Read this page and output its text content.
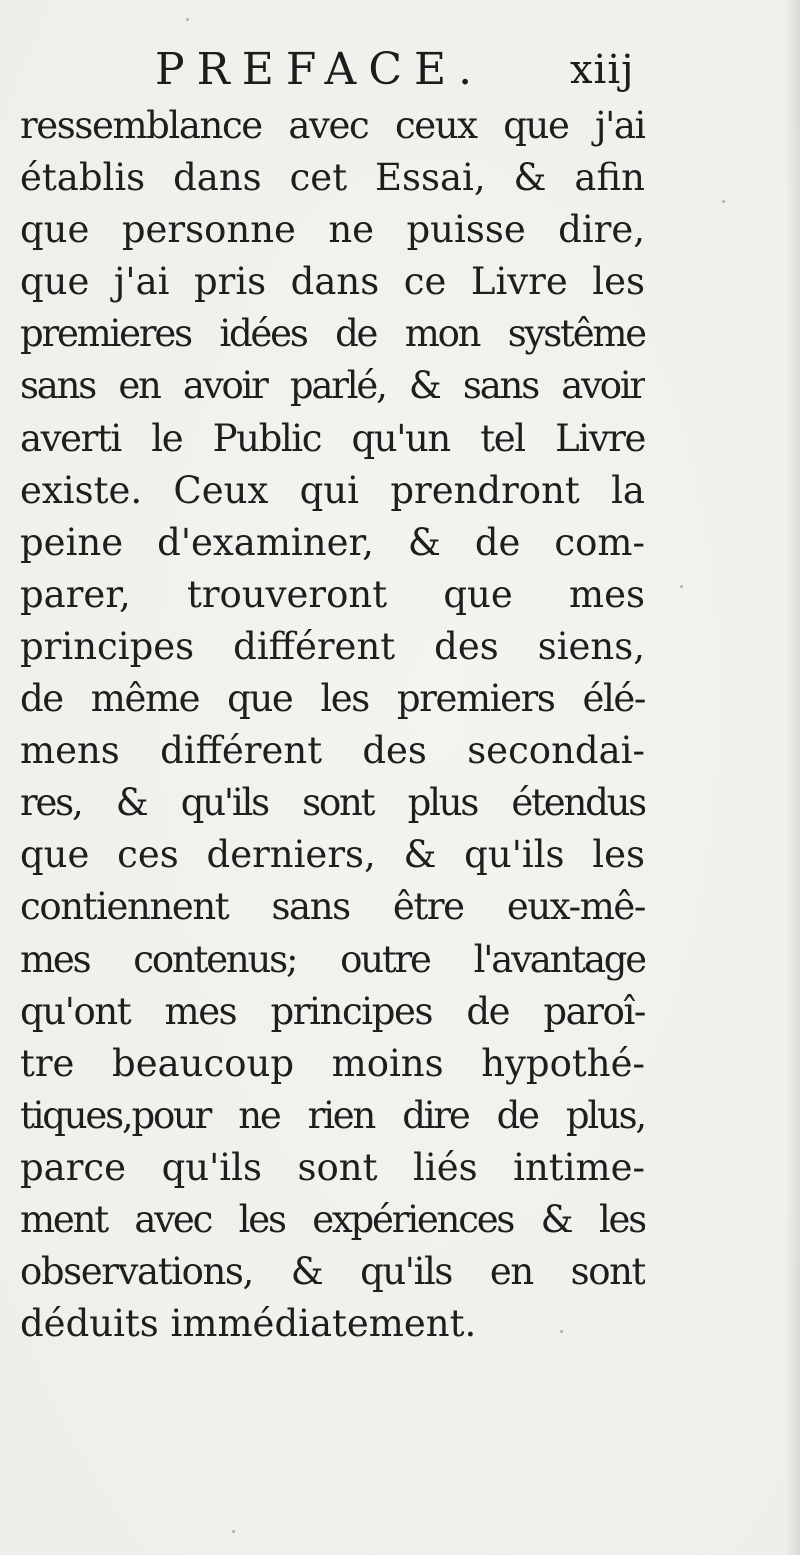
PREFACE. xiij
ressemblance avec ceux que j'ai
établis dans cet Essai, & afin
que personne ne puisse dire,
que j'ai pris dans ce Livre les
premieres idées de mon systême
sans en avoir parlé, & sans avoir
averti le Public qu'un tel Livre
existe. Ceux qui prendront la
peine d'examiner, & de com-
parer, trouveront que mes
principes différent des siens,
de même que les premiers élé-
mens différent des secondai-
res, & qu'ils sont plus étendus
que ces derniers, & qu'ils les
contiennent sans être eux-mê-
mes contenus; outre l'avantage
qu'ont mes principes de paroî-
tre beaucoup moins hypothé-
tiques,pour ne rien dire de plus,
parce qu'ils sont liés intime-
ment avec les expériences & les
observations, & qu'ils en sont
déduits immédiatement.
